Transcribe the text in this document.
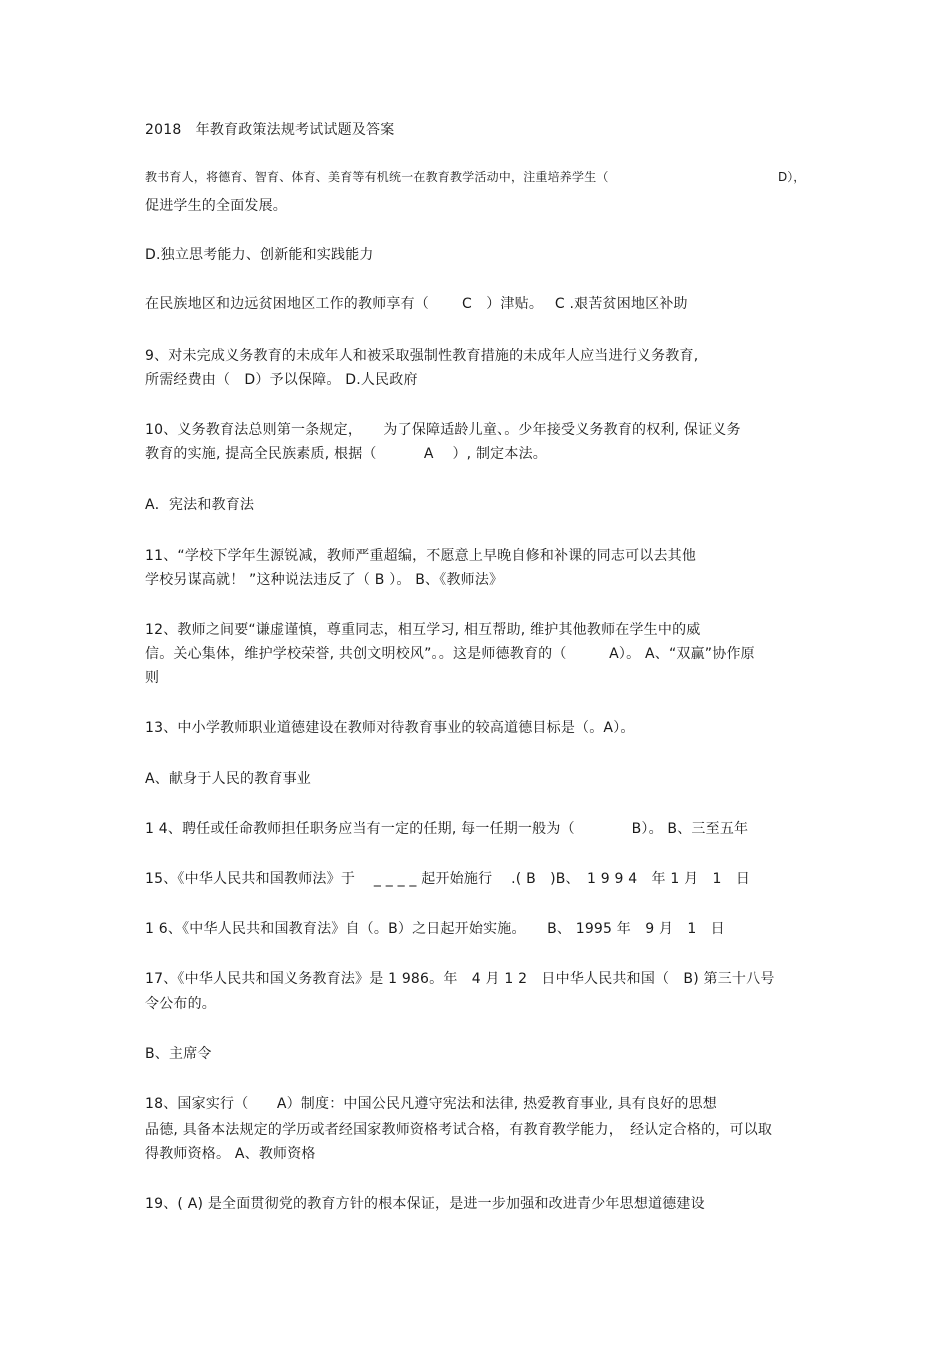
2018　年教育政策法规考试试题及答案

教书育人，将德育、智育、体育、美育等有机统一在教育教学活动中，注重培养学生（	D），

促进学生的全面发展。

D.独立思考能力、创新能和实践能力

在民族地区和边远贫困地区工作的教师享有（　　 C　）津贴。　 C .艰苦贫困地区补助

9、对未完成义务教育的未成年人和被采取强制性教育措施的未成年人应当进行义务教育,

所需经费由（　D）予以保障。 D.人民政府

10、义务教育法总则第一条规定，　　为了保障适龄儿童、。少年接受义务教育的权利, 保证义务

教育的实施, 提高全民族素质, 根据（　　　 A　 ）, 制定本法。

A．宪法和教育法

11、“学校下学年生源锐减，教师严重超编，不愿意上早晚自修和补课的同志可以去其他

学校另谋高就！ ”这种说法违反了（ B ）。 B、《教师法》

12、教师之间要“谦虚谨慎，尊重同志，相互学习, 相互帮助, 维护其他教师在学生中的威

信。关心集体，维护学校荣誉, 共创文明校风”。。这是师德教育的（　　　A）。 A、“双赢”协作原

则

13、中小学教师职业道德建设在教师对待教育事业的较高道德目标是（。A）。

A、献身于人民的教育事业

1 4、聘任或任命教师担任职务应当有一定的任期, 每一任期一般为（　　　　B）。 B、三至五年

15、《中华人民共和国教师法》于　 _ _ _ _ 起开始施行　 .( B　)B、　1 9 9 4　年 1 月　1　日

1 6、《中华人民共和国教育法》自（。B）之日起开始实施。　　B、 1995 年　9 月　1　日

17、《中华人民共和国义务教育法》是 1 986。年　4 月 1 2　日中华人民共和国（　B) 第三十八号

令公布的。

B、主席令

18、国家实行（　　A）制度：中国公民凡遵守宪法和法律, 热爱教育事业, 具有良好的思想

品德, 具备本法规定的学历或者经国家教师资格考试合格，有教育教学能力，　经认定合格的，可以取

得教师资格。 A、教师资格

19、( A) 是全面贯彻党的教育方针的根本保证，是进一步加强和改进青少年思想道德建设
